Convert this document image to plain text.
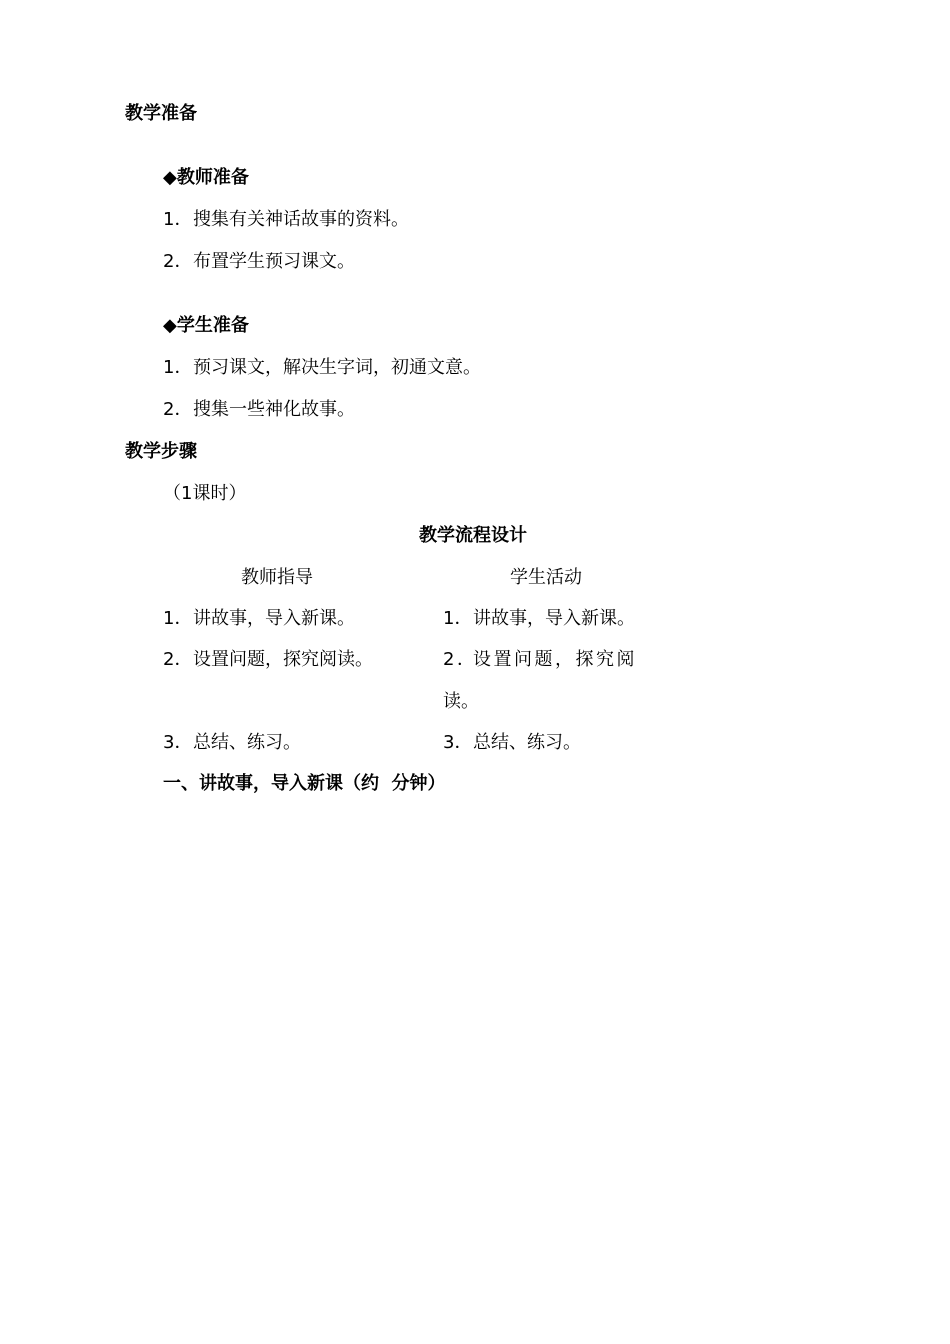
教学准备
◆教师准备
1．搜集有关神话故事的资料。
2．布置学生预习课文。
◆学生准备
1．预习课文，解决生字词，初通文意。
2．搜集一些神化故事。
教学步骤
（1课时）
教学流程设计
教师指导	学生活动
1．讲故事，导入新课。
2．设置问题，探究阅读。
3．总结、练习。
1．讲故事，导入新课。
2．设置问题，探究阅
读。
3．总结、练习。
一、讲故事，导入新课（约  分钟）
